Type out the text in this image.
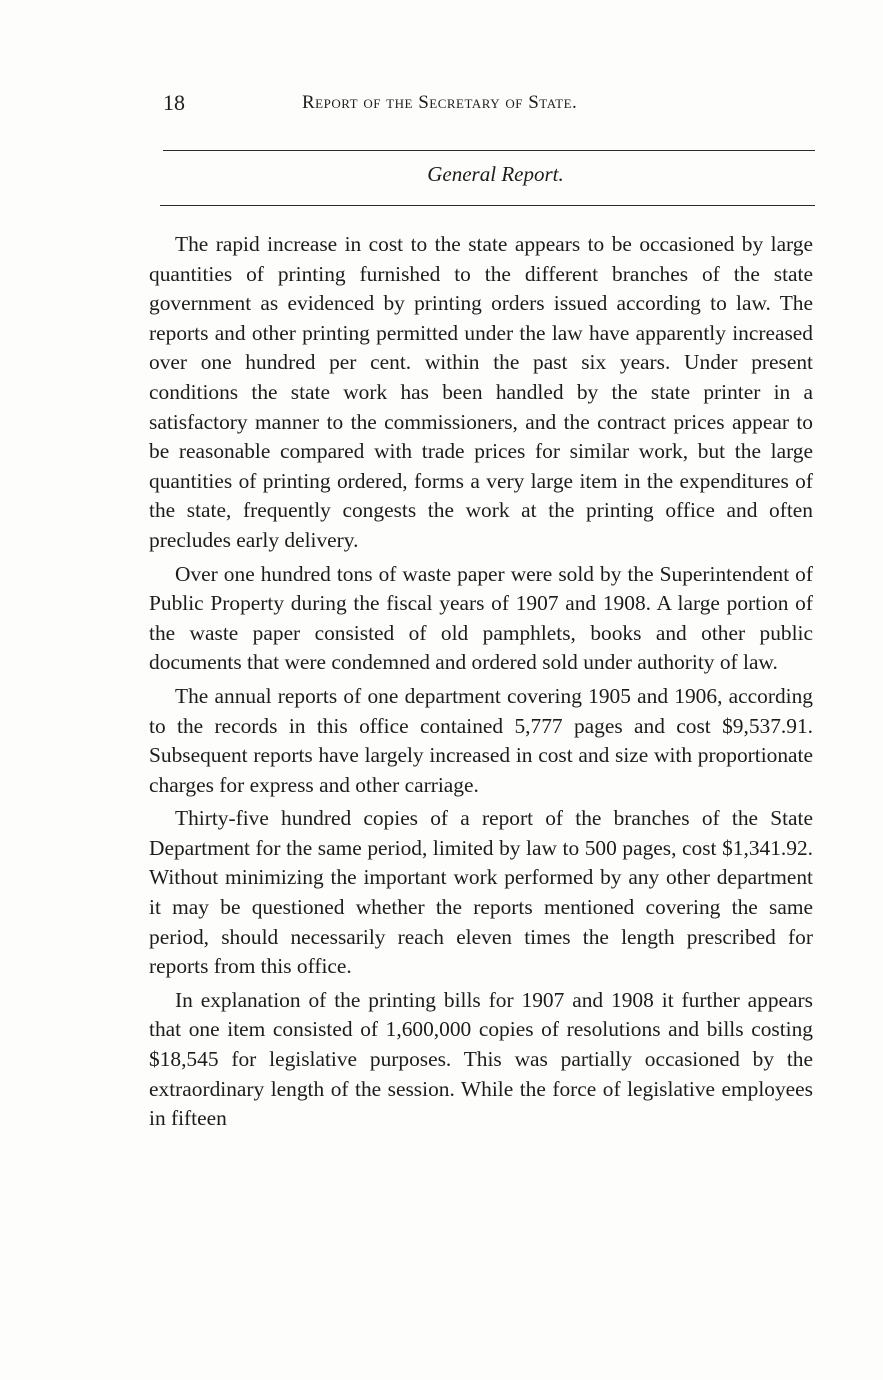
18	Report of the Secretary of State.
General Report.

The rapid increase in cost to the state appears to be occasioned by large quantities of printing furnished to the different branches of the state government as evidenced by printing orders issued according to law. The reports and other printing permitted under the law have apparently increased over one hundred per cent. within the past six years. Under present conditions the state work has been handled by the state printer in a satisfactory manner to the commissioners, and the contract prices appear to be reasonable compared with trade prices for similar work, but the large quantities of printing ordered, forms a very large item in the expenditures of the state, frequently congests the work at the printing office and often precludes early delivery.

Over one hundred tons of waste paper were sold by the Superintendent of Public Property during the fiscal years of 1907 and 1908. A large portion of the waste paper consisted of old pamphlets, books and other public documents that were condemned and ordered sold under authority of law.

The annual reports of one department covering 1905 and 1906, according to the records in this office contained 5,777 pages and cost $9,537.91. Subsequent reports have largely increased in cost and size with proportionate charges for express and other carriage.

Thirty-five hundred copies of a report of the branches of the State Department for the same period, limited by law to 500 pages, cost $1,341.92. Without minimizing the important work performed by any other department it may be questioned whether the reports mentioned covering the same period, should necessarily reach eleven times the length prescribed for reports from this office.

In explanation of the printing bills for 1907 and 1908 it further appears that one item consisted of 1,600,000 copies of resolutions and bills costing $18,545 for legislative purposes. This was partially occasioned by the extraordinary length of the session. While the force of legislative employees in fifteen
